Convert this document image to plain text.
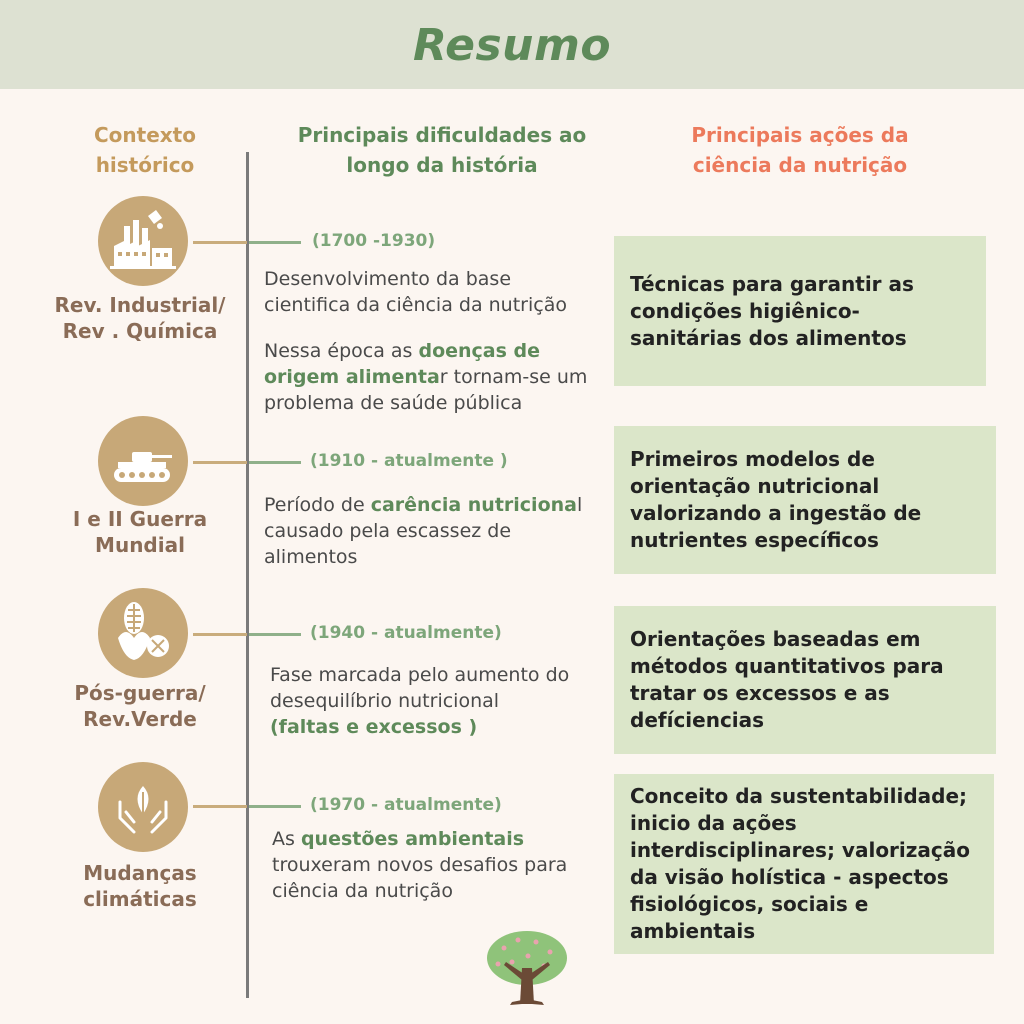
Resumo
Contexto histórico
Principais dificuldades ao longo da história
Principais ações da ciência da nutrição
Rev. Industrial/ Rev . Química
(1700 -1930)

Desenvolvimento da base cientifica da ciência da nutrição

Nessa época as doenças de origem alimentar tornam-se um problema de saúde pública

Técnicas para garantir as condições higiênico-sanitárias dos alimentos
I e II Guerra Mundial
(1910 - atualmente )

Período de carência nutricional causado pela escassez de alimentos

Primeiros modelos de orientação nutricional valorizando a ingestão de nutrientes específicos
Pós-guerra/ Rev.Verde
(1940 - atualmente)

Fase marcada pelo aumento do desequilíbrio nutricional (faltas e excessos )

Orientações baseadas em métodos quantitativos para tratar os excessos e as defíciencias
Mudanças climáticas
(1970 - atualmente)

As questões ambientais trouxeram novos desafios para ciência da nutrição

Conceito da sustentabilidade; inicio da ações interdisciplinares; valorização da visão holística - aspectos fisiológicos, sociais e ambientais
